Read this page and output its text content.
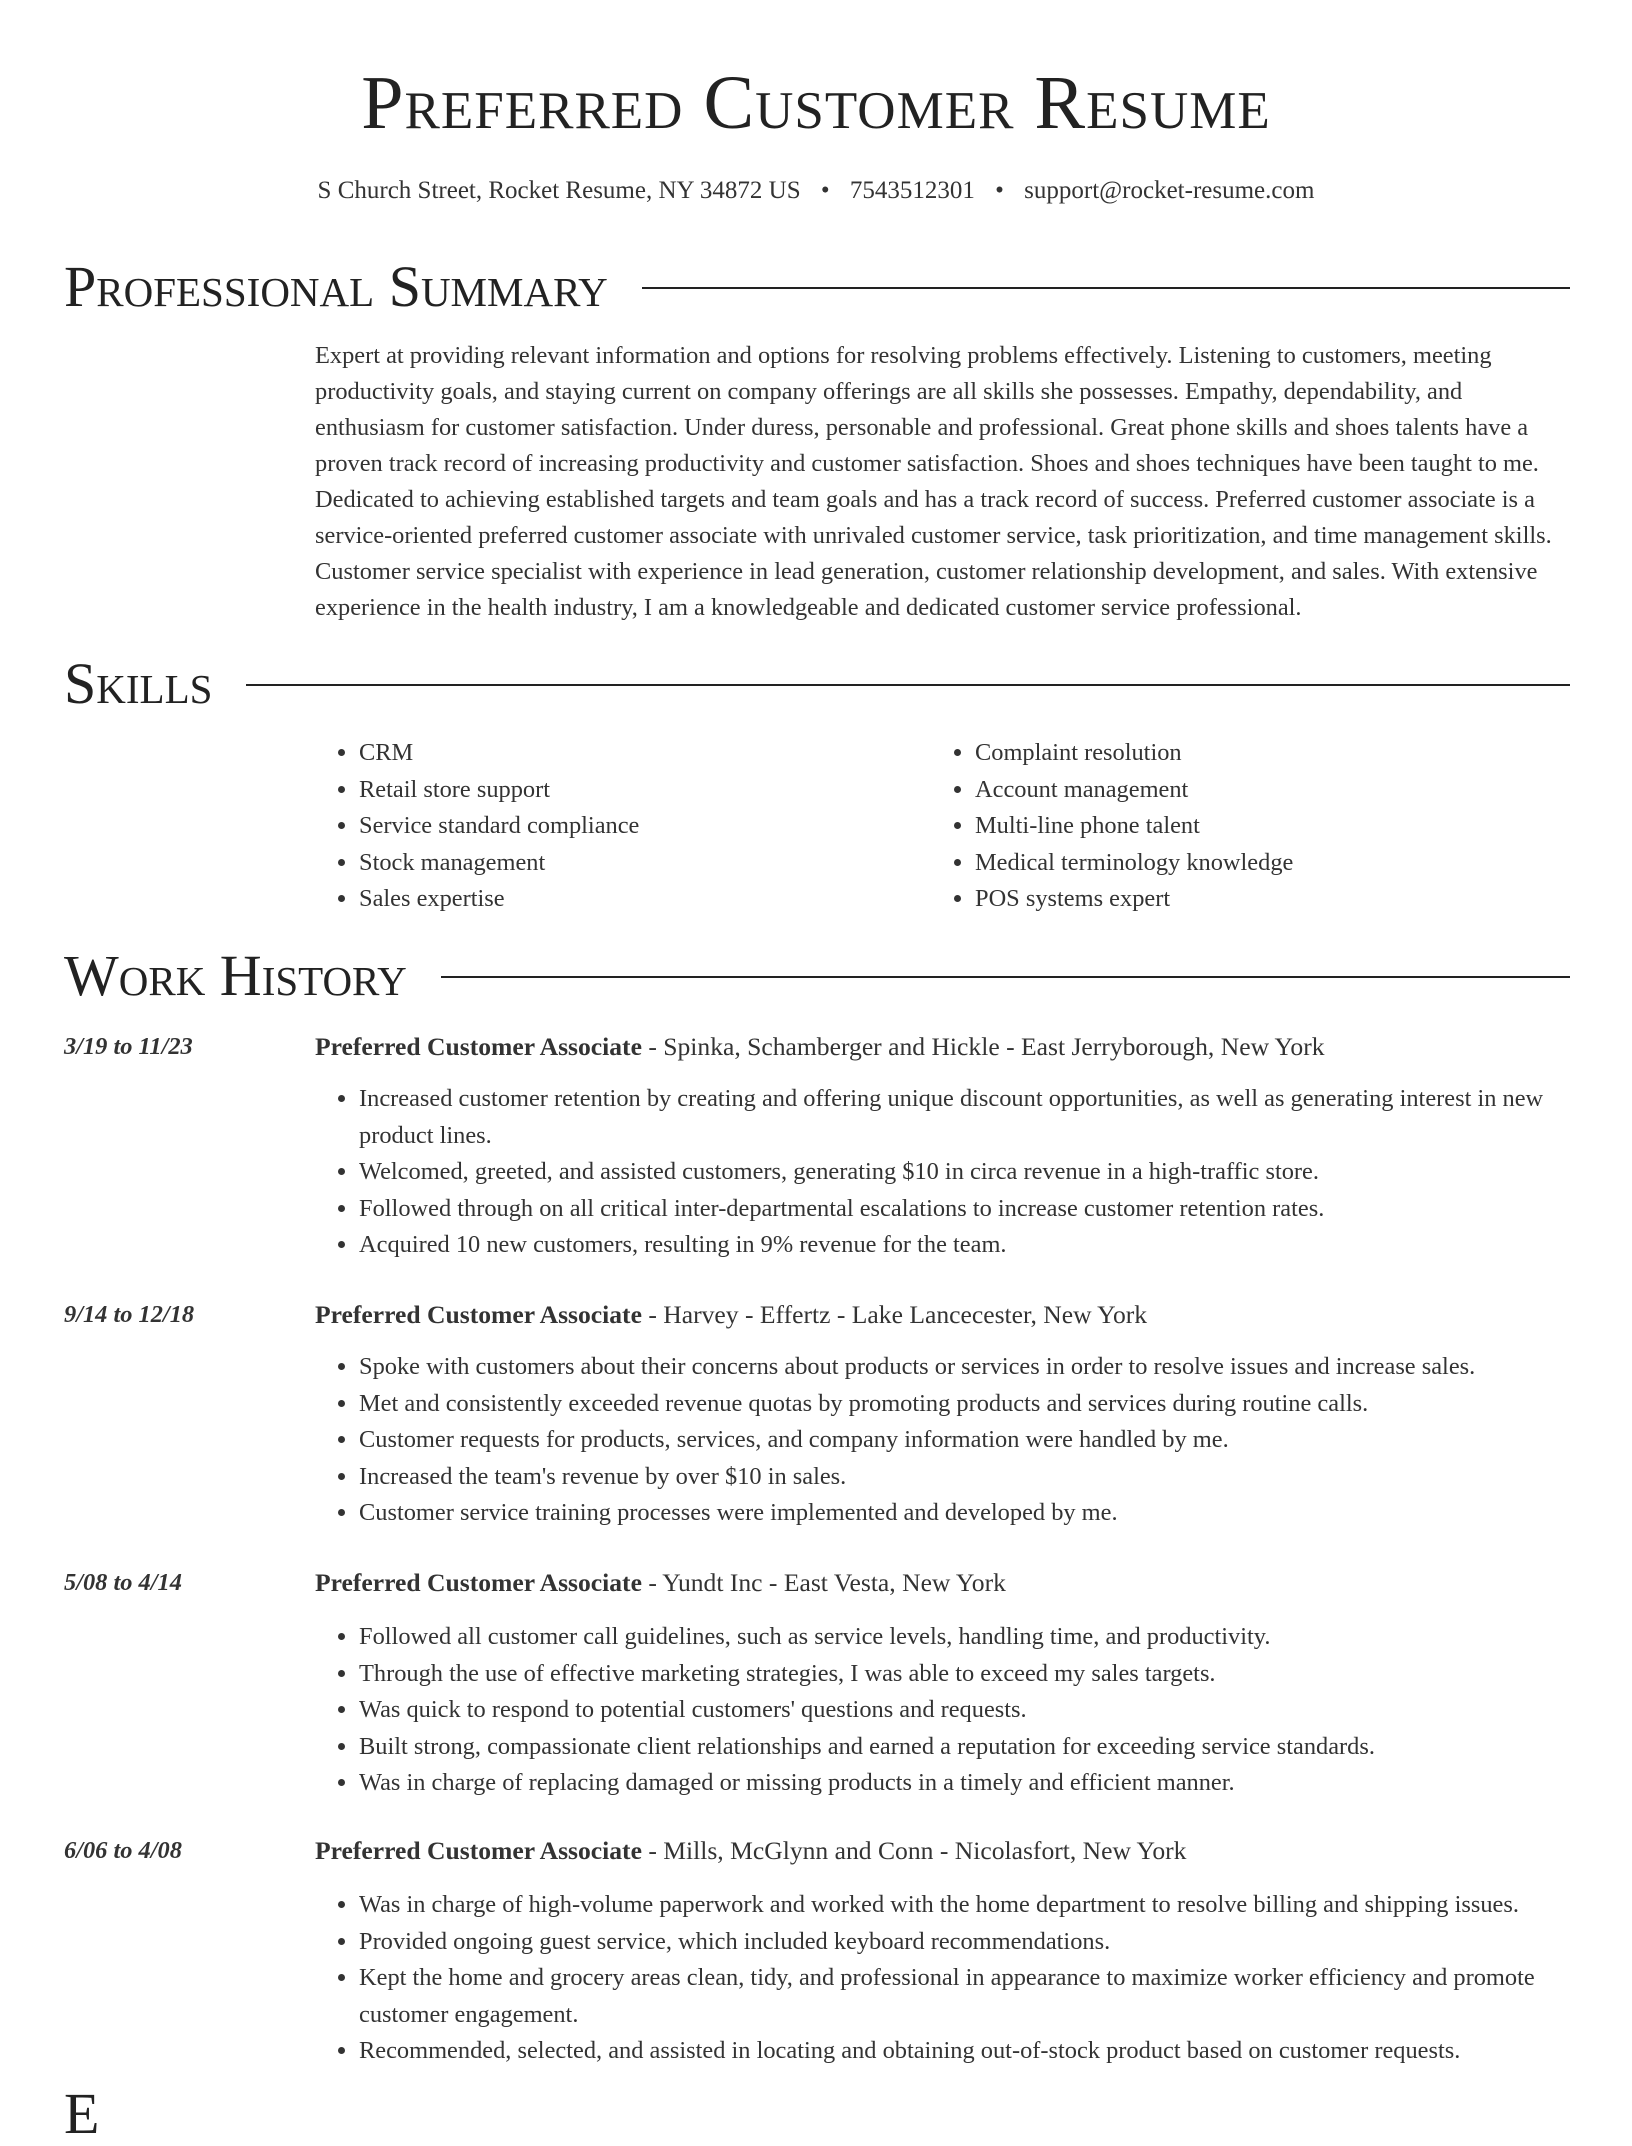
Preferred Customer Resume
S Church Street, Rocket Resume, NY 34872 US • 7543512301 • support@rocket-resume.com
Professional Summary

Expert at providing relevant information and options for resolving problems effectively. Listening to customers, meeting productivity goals, and staying current on company offerings are all skills she possesses. Empathy, dependability, and enthusiasm for customer satisfaction. Under duress, personable and professional. Great phone skills and shoes talents have a proven track record of increasing productivity and customer satisfaction. Shoes and shoes techniques have been taught to me. Dedicated to achieving established targets and team goals and has a track record of success. Preferred customer associate is a service-oriented preferred customer associate with unrivaled customer service, task prioritization, and time management skills. Customer service specialist with experience in lead generation, customer relationship development, and sales. With extensive experience in the health industry, I am a knowledgeable and dedicated customer service professional.

Skills
• CRM
• Retail store support
• Service standard compliance
• Stock management
• Sales expertise
• Complaint resolution
• Account management
• Multi-line phone talent
• Medical terminology knowledge
• POS systems expert
Work History
3/19 to 11/23	Preferred Customer Associate - Spinka, Schamberger and Hickle - East Jerryborough, New York
• Increased customer retention by creating and offering unique discount opportunities, as well as generating interest in new product lines.
• Welcomed, greeted, and assisted customers, generating $10 in circa revenue in a high-traffic store.
• Followed through on all critical inter-departmental escalations to increase customer retention rates.
• Acquired 10 new customers, resulting in 9% revenue for the team.
9/14 to 12/18	Preferred Customer Associate - Harvey - Effertz - Lake Lancecester, New York
• Spoke with customers about their concerns about products or services in order to resolve issues and increase sales.
• Met and consistently exceeded revenue quotas by promoting products and services during routine calls.
• Customer requests for products, services, and company information were handled by me.
• Increased the team's revenue by over $10 in sales.
• Customer service training processes were implemented and developed by me.
5/08 to 4/14	Preferred Customer Associate - Yundt Inc - East Vesta, New York
• Followed all customer call guidelines, such as service levels, handling time, and productivity.
• Through the use of effective marketing strategies, I was able to exceed my sales targets.
• Was quick to respond to potential customers' questions and requests.
• Built strong, compassionate client relationships and earned a reputation for exceeding service standards.
• Was in charge of replacing damaged or missing products in a timely and efficient manner.
6/06 to 4/08	Preferred Customer Associate - Mills, McGlynn and Conn - Nicolasfort, New York
• Was in charge of high-volume paperwork and worked with the home department to resolve billing and shipping issues.
• Provided ongoing guest service, which included keyboard recommendations.
• Kept the home and grocery areas clean, tidy, and professional in appearance to maximize worker efficiency and promote customer engagement.
• Recommended, selected, and assisted in locating and obtaining out-of-stock product based on customer requests.
E
